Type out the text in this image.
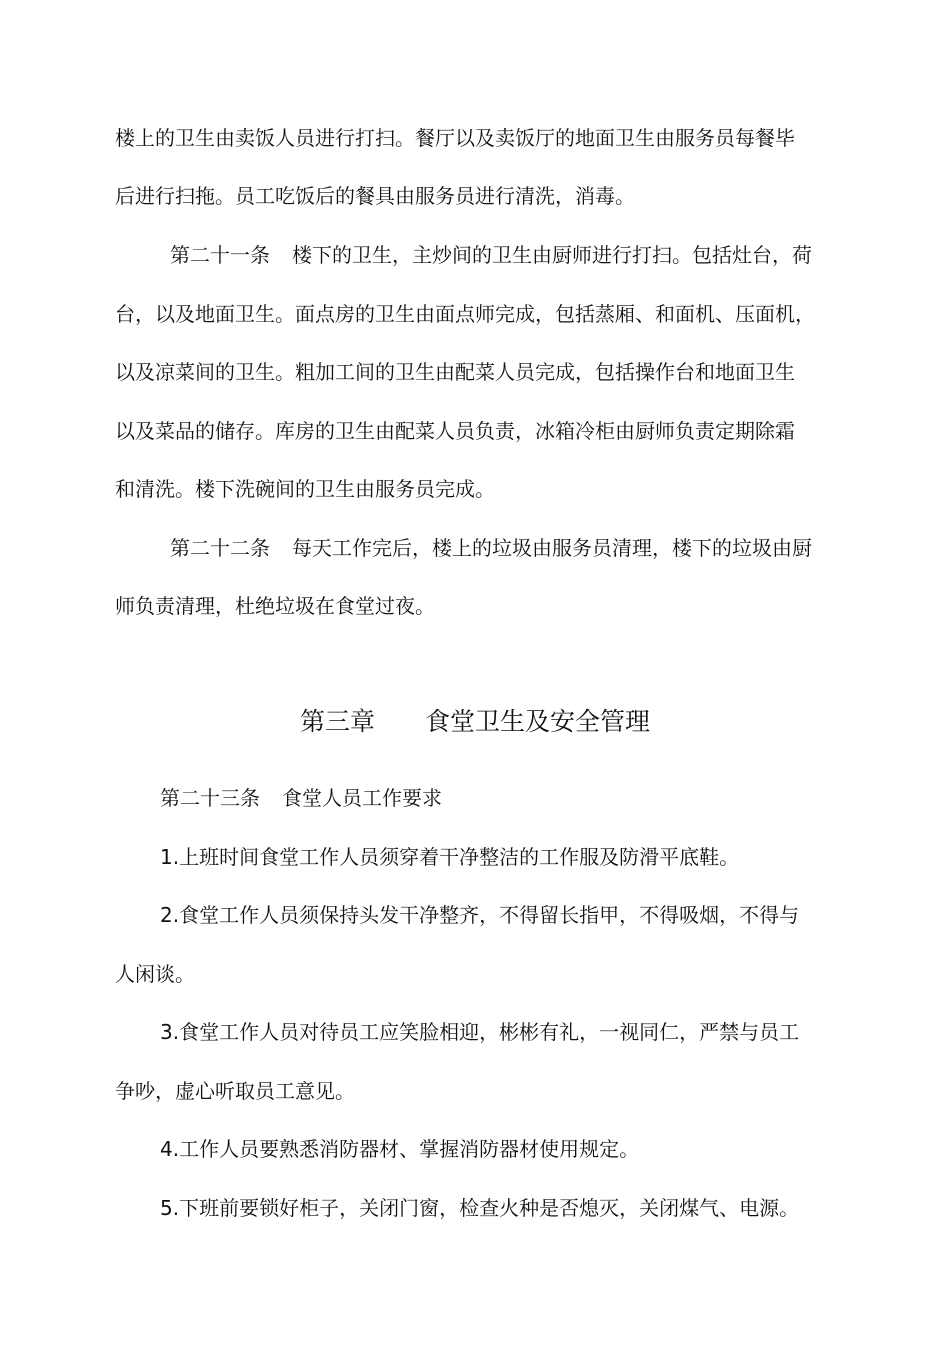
楼上的卫生由卖饭人员进行打扫。餐厅以及卖饭厅的地面卫生由服务员每餐毕
后进行扫拖。员工吃饭后的餐具由服务员进行清洗，消毒。
第二十一条 楼下的卫生，主炒间的卫生由厨师进行打扫。包括灶台，荷
台，以及地面卫生。面点房的卫生由面点师完成，包括蒸厢、和面机、压面机，
以及凉菜间的卫生。粗加工间的卫生由配菜人员完成，包括操作台和地面卫生
以及菜品的储存。库房的卫生由配菜人员负责，冰箱冷柜由厨师负责定期除霜
和清洗。楼下洗碗间的卫生由服务员完成。
第二十二条 每天工作完后，楼上的垃圾由服务员清理，楼下的垃圾由厨
师负责清理，杜绝垃圾在食堂过夜。
第三章 食堂卫生及安全管理
第二十三条 食堂人员工作要求
1.上班时间食堂工作人员须穿着干净整洁的工作服及防滑平底鞋。
2.食堂工作人员须保持头发干净整齐，不得留长指甲，不得吸烟，不得与
人闲谈。
3.食堂工作人员对待员工应笑脸相迎，彬彬有礼，一视同仁，严禁与员工
争吵，虚心听取员工意见。
4.工作人员要熟悉消防器材、掌握消防器材使用规定。
5.下班前要锁好柜子，关闭门窗，检查火种是否熄灭，关闭煤气、电源。
